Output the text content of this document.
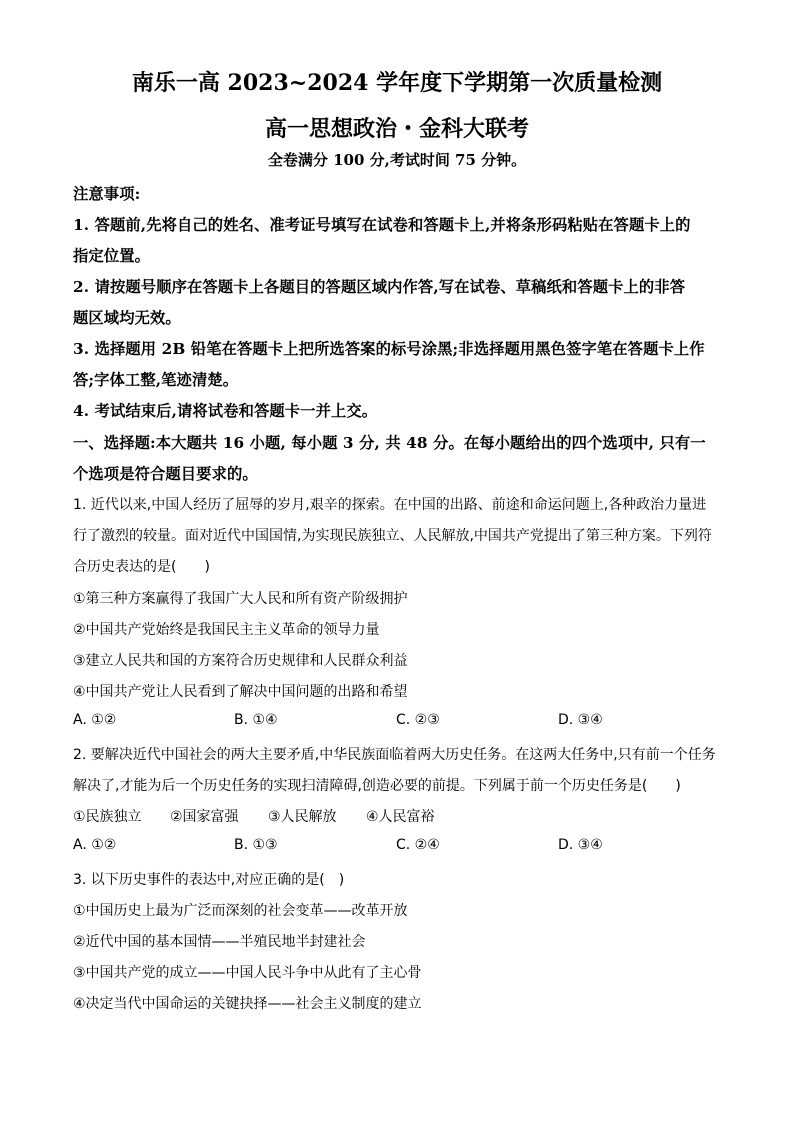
南乐一高 2023~2024 学年度下学期第一次质量检测
高一思想政治・金科大联考
全卷满分 100 分,考试时间 75 分钟。
注意事项:
1. 答题前,先将自己的姓名、准考证号填写在试卷和答题卡上,并将条形码粘贴在答题卡上的
指定位置。
2. 请按题号顺序在答题卡上各题目的答题区域内作答,写在试卷、草稿纸和答题卡上的非答
题区域均无效。
3. 选择题用 2B 铅笔在答题卡上把所选答案的标号涂黑;非选择题用黑色签字笔在答题卡上作
答;字体工整,笔迹清楚。
4. 考试结束后,请将试卷和答题卡一并上交。
一、选择题:本大题共 16 小题, 每小题 3 分, 共 48 分。在每小题给出的四个选项中, 只有一
个选项是符合题目要求的。
1. 近代以来,中国人经历了屈辱的岁月,艰辛的探索。在中国的出路、前途和命运问题上,各种政治力量进
行了激烈的较量。面对近代中国国情,为实现民族独立、人民解放,中国共产党提出了第三种方案。下列符
合历史表达的是(　　)
①第三种方案赢得了我国广大人民和所有资产阶级拥护
②中国共产党始终是我国民主主义革命的领导力量
③建立人民共和国的方案符合历史规律和人民群众利益
④中国共产党让人民看到了解决中国问题的出路和希望
A. ①②	B. ①④	C. ②③	D. ③④
2. 要解决近代中国社会的两大主要矛盾,中华民族面临着两大历史任务。在这两大任务中,只有前一个任务
解决了,才能为后一个历史任务的实现扫清障碍,创造必要的前提。下列属于前一个历史任务是(　　)
①民族独立 ②国家富强 ③人民解放 ④人民富裕
A. ①②	B. ①③	C. ②④	D. ③④
3. 以下历史事件的表达中,对应正确的是(　)
①中国历史上最为广泛而深刻的社会变革——改革开放
②近代中国的基本国情——半殖民地半封建社会
③中国共产党的成立——中国人民斗争中从此有了主心骨
④决定当代中国命运的关键抉择——社会主义制度的建立
